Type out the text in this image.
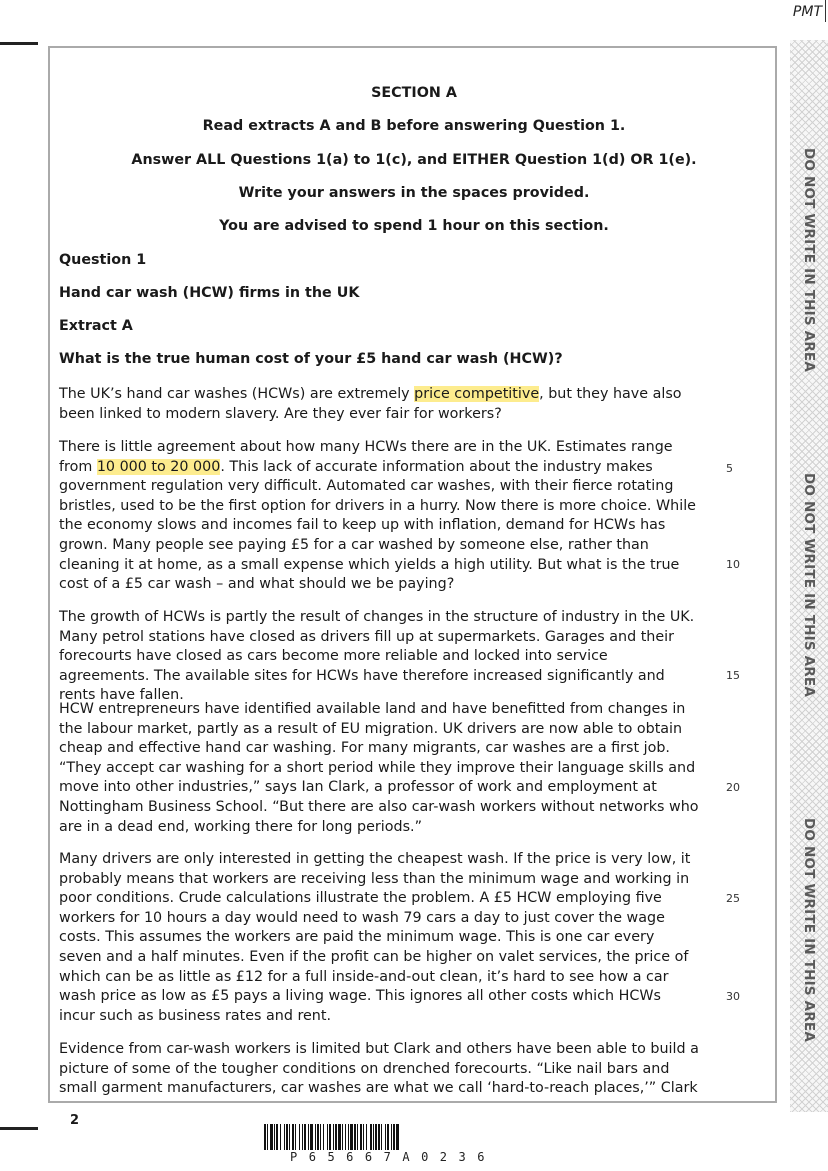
PMT
DO NOT WRITE IN THIS AREA
DO NOT WRITE IN THIS AREA
DO NOT WRITE IN THIS AREA
SECTION A
Read extracts A and B before answering Question 1.
Answer ALL Questions 1(a) to 1(c), and EITHER Question 1(d) OR 1(e).
Write your answers in the spaces provided.
You are advised to spend 1 hour on this section.
Question 1
Hand car wash (HCW) firms in the UK
Extract A
What is the true human cost of your £5 hand car wash (HCW)?

The UK’s hand car washes (HCWs) are extremely price competitive, but they have also been linked to modern slavery. Are they ever fair for workers?

There is little agreement about how many HCWs there are in the UK. Estimates range from 10 000 to 20 000. This lack of accurate information about the industry makes government regulation very difficult. Automated car washes, with their fierce rotating bristles, used to be the first option for drivers in a hurry. Now there is more choice. While the economy slows and incomes fail to keep up with inflation, demand for HCWs has grown. Many people see paying £5 for a car washed by someone else, rather than cleaning it at home, as a small expense which yields a high utility. But what is the true cost of a £5 car wash – and what should we be paying?

The growth of HCWs is partly the result of changes in the structure of industry in the UK. Many petrol stations have closed as drivers fill up at supermarkets. Garages and their forecourts have closed as cars become more reliable and locked into service agreements. The available sites for HCWs have therefore increased significantly and rents have fallen.

HCW entrepreneurs have identified available land and have benefitted from changes in the labour market, partly as a result of EU migration. UK drivers are now able to obtain cheap and effective hand car washing. For many migrants, car washes are a first job. “They accept car washing for a short period while they improve their language skills and move into other industries,” says Ian Clark, a professor of work and employment at Nottingham Business School. “But there are also car-wash workers without networks who are in a dead end, working there for long periods.”

Many drivers are only interested in getting the cheapest wash. If the price is very low, it probably means that workers are receiving less than the minimum wage and working in poor conditions. Crude calculations illustrate the problem. A £5 HCW employing five workers for 10 hours a day would need to wash 79 cars a day to just cover the wage costs. This assumes the workers are paid the minimum wage. This is one car every seven and a half minutes. Even if the profit can be higher on valet services, the price of which can be as little as £12 for a full inside-and-out clean, it’s hard to see how a car wash price as low as £5 pays a living wage. This ignores all other costs which HCWs incur such as business rates and rent.

Evidence from car-wash workers is limited but Clark and others have been able to build a picture of some of the tougher conditions on drenched forecourts. “Like nail bars and small garment manufacturers, car washes are what we call ‘hard-to-reach places,’” Clark

5
10
15
20
25
30
2
P65667A0236
